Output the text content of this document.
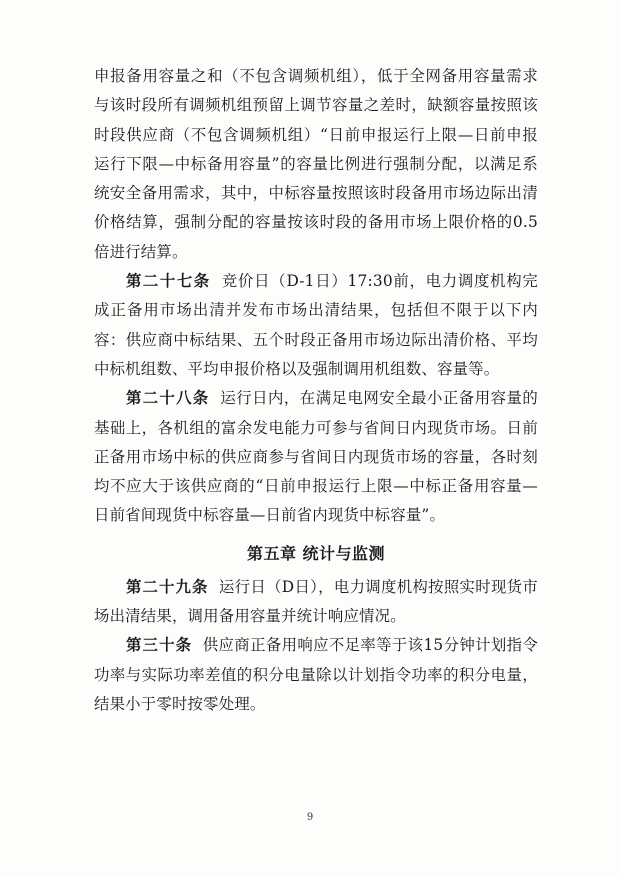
申报备用容量之和（不包含调频机组），低于全网备用容量需求与该时段所有调频机组预留上调节容量之差时，缺额容量按照该时段供应商（不包含调频机组）“日前申报运行上限—日前申报运行下限—中标备用容量”的容量比例进行强制分配，以满足系统安全备用需求，其中，中标容量按照该时段备用市场边际出清价格结算，强制分配的容量按该时段的备用市场上限价格的0.5倍进行结算。

第二十七条 竞价日（D-1日）17:30前，电力调度机构完成正备用市场出清并发布市场出清结果，包括但不限于以下内容：供应商中标结果、五个时段正备用市场边际出清价格、平均中标机组数、平均申报价格以及强制调用机组数、容量等。

第二十八条 运行日内，在满足电网安全最小正备用容量的基础上，各机组的富余发电能力可参与省间日内现货市场。日前正备用市场中标的供应商参与省间日内现货市场的容量，各时刻均不应大于该供应商的“日前申报运行上限—中标正备用容量—日前省间现货中标容量—日前省内现货中标容量”。

第五章 统计与监测

第二十九条 运行日（D日），电力调度机构按照实时现货市场出清结果，调用备用容量并统计响应情况。

第三十条 供应商正备用响应不足率等于该15分钟计划指令功率与实际功率差值的积分电量除以计划指令功率的积分电量，结果小于零时按零处理。

9
